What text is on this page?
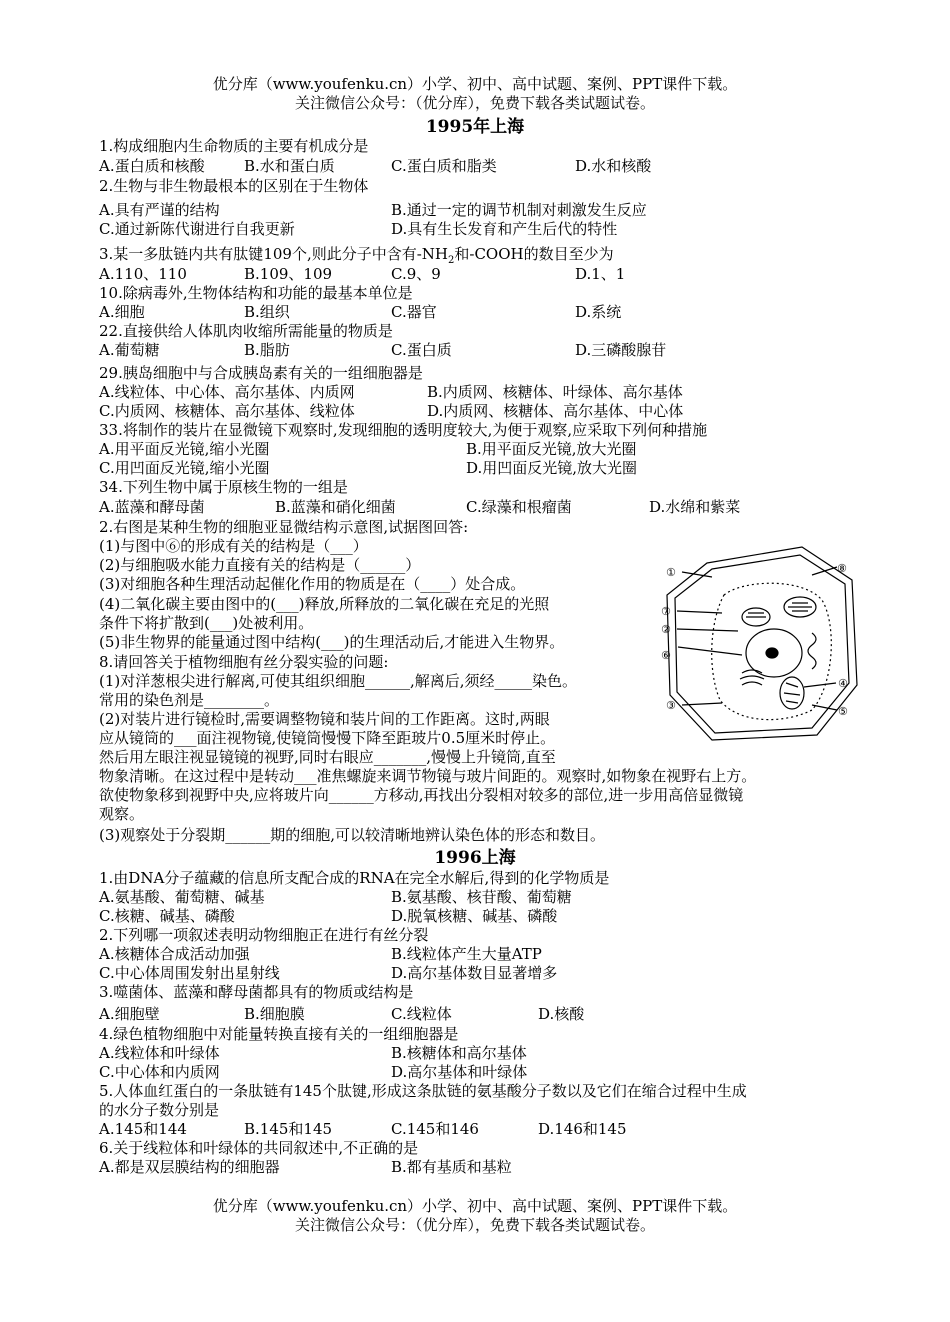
优分库（www.youfenku.cn）小学、初中、高中试题、案例、PPT课件下载。
关注微信公众号：（优分库），免费下载各类试题试卷。
1995年上海
1.构成细胞内生命物质的主要有机成分是
A.蛋白质和核酸	B.水和蛋白质	C.蛋白质和脂类	D.水和核酸
2.生物与非生物最根本的区别在于生物体
A.具有严谨的结构	B.通过一定的调节机制对刺激发生反应
C.通过新陈代谢进行自我更新	D.具有生长发育和产生后代的特性
3.某一多肽链内共有肽键109个,则此分子中含有$-NH_2$和-COOH的数目至少为
A.110、110	B.109、109	C.9、9	D.1、1
10.除病毒外,生物体结构和功能的最基本单位是
A.细胞	B.组织	C.器官	D.系统
22.直接供给人体肌肉收缩所需能量的物质是
A.葡萄糖	B.脂肪	C.蛋白质	D.三磷酸腺苷
29.胰岛细胞中与合成胰岛素有关的一组细胞器是
A.线粒体、中心体、高尔基体、内质网	B.内质网、核糖体、叶绿体、高尔基体
C.内质网、核糖体、高尔基体、线粒体	D.内质网、核糖体、高尔基体、中心体
33.将制作的装片在显微镜下观察时,发现细胞的透明度较大,为便于观察,应采取下列何种措施
A.用平面反光镜,缩小光圈	B.用平面反光镜,放大光圈
C.用凹面反光镜,缩小光圈	D.用凹面反光镜,放大光圈
34.下列生物中属于原核生物的一组是
A.蓝藻和酵母菌	B.蓝藻和硝化细菌	C.绿藻和根瘤菌	D.水绵和紫菜
2.右图是某种生物的细胞亚显微结构示意图,试据图回答:
(1)与图中⑥的形成有关的结构是（___）
(2)与细胞吸水能力直接有关的结构是（______）
(3)对细胞各种生理活动起催化作用的物质是在（____）处合成。
(4)二氧化碳主要由图中的(___)释放,所释放的二氧化碳在充足的光照
条件下将扩散到(___)处被利用。
(5)非生物界的能量通过图中结构(___)的生理活动后,才能进入生物界。
8.请回答关于植物细胞有丝分裂实验的问题:
(1)对洋葱根尖进行解离,可使其组织细胞______,解离后,须经_____染色。
常用的染色剂是________。
(2)对装片进行镜检时,需要调整物镜和装片间的工作距离。这时,两眼
应从镜筒的___面注视物镜,使镜筒慢慢下降至距玻片0.5厘米时停止。
然后用左眼注视显镜镜的视野,同时右眼应_______,慢慢上升镜筒,直至
物象清晰。在这过程中是转动___准焦螺旋来调节物镜与玻片间距的。观察时,如物象在视野右上方。
欲使物象移到视野中央,应将玻片向______方移动,再找出分裂相对较多的部位,进一步用高倍显微镜
观察。
(3)观察处于分裂期______期的细胞,可以较清晰地辨认染色体的形态和数目。
①	⑧
⑦
②
⑥
④
⑤
③
1996上海
1.由DNA分子蕴藏的信息所支配合成的RNA在完全水解后,得到的化学物质是
A.氨基酸、葡萄糖、碱基	B.氨基酸、核苷酸、葡萄糖
C.核糖、碱基、磷酸	D.脱氧核糖、碱基、磷酸
2.下列哪一项叙述表明动物细胞正在进行有丝分裂
A.核糖体合成活动加强	B.线粒体产生大量ATP
C.中心体周围发射出星射线	D.高尔基体数目显著增多
3.噬菌体、蓝藻和酵母菌都具有的物质或结构是
A.细胞壁	B.细胞膜	C.线粒体	D.核酸
4.绿色植物细胞中对能量转换直接有关的一组细胞器是
A.线粒体和叶绿体	B.核糖体和高尔基体
C.中心体和内质网	D.高尔基体和叶绿体
5.人体血红蛋白的一条肽链有145个肽键,形成这条肽链的氨基酸分子数以及它们在缩合过程中生成
的水分子数分别是
A.145和144	B.145和145	C.145和146	D.146和145
6.关于线粒体和叶绿体的共同叙述中,不正确的是
A.都是双层膜结构的细胞器	B.都有基质和基粒
优分库（www.youfenku.cn）小学、初中、高中试题、案例、PPT课件下载。
关注微信公众号：（优分库），免费下载各类试题试卷。
